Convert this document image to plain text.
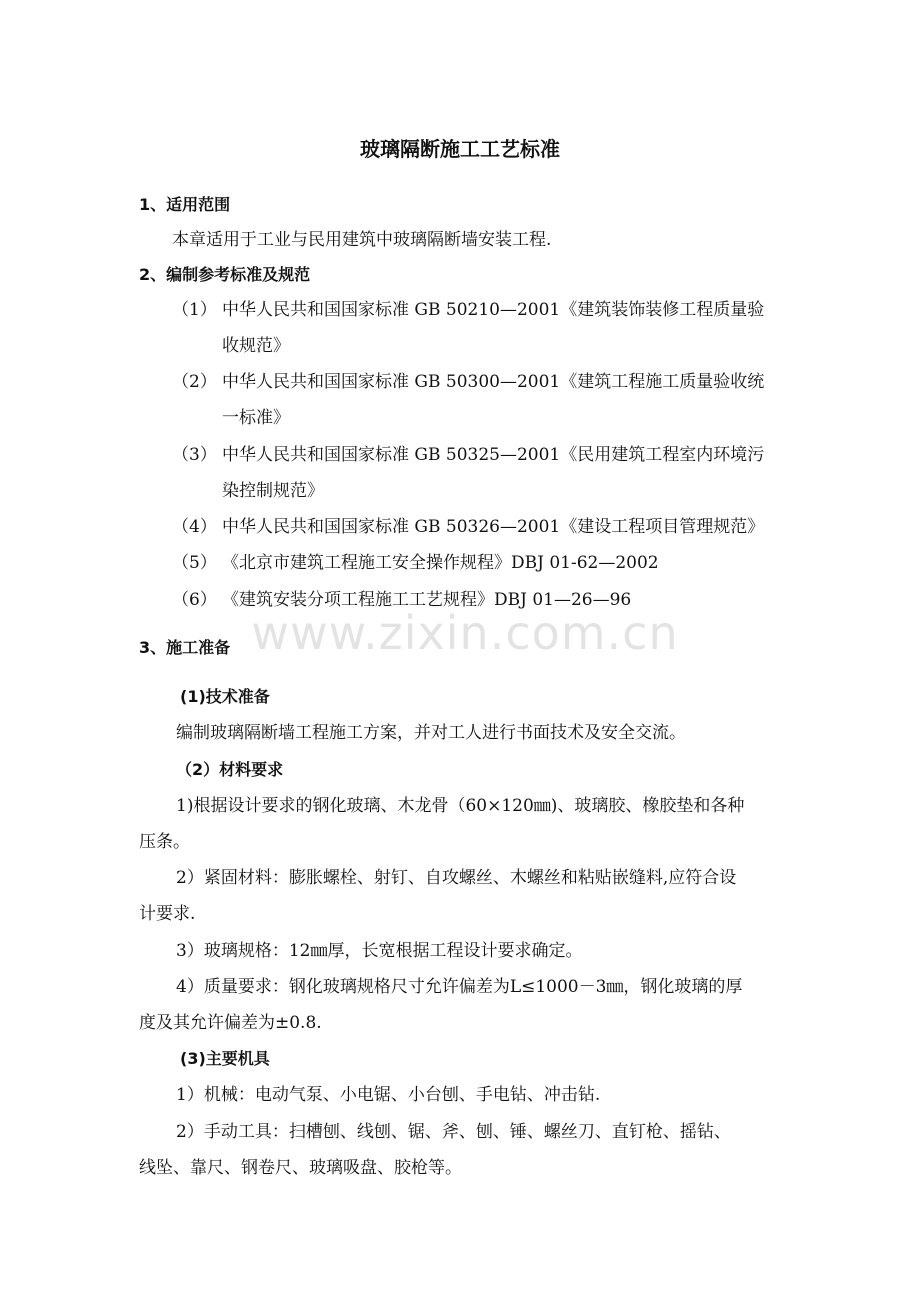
玻璃隔断施工工艺标准
1、适用范围
本章适用于工业与民用建筑中玻璃隔断墙安装工程.
2、编制参考标准及规范
（1） 中华人民共和国国家标准 GB 50210—2001《建筑装饰装修工程质量验
收规范》
（2） 中华人民共和国国家标准 GB 50300—2001《建筑工程施工质量验收统
一标准》
（3） 中华人民共和国国家标准 GB 50325—2001《民用建筑工程室内环境污
染控制规范》
（4） 中华人民共和国国家标准 GB 50326—2001《建设工程项目管理规范》
（5） 《北京市建筑工程施工安全操作规程》DBJ 01-62—2002
（6） 《建筑安装分项工程施工工艺规程》DBJ 01—26—96
www.zixin.com.cn
3、施工准备
(1)技术准备
编制玻璃隔断墙工程施工方案，并对工人进行书面技术及安全交流。
（2）材料要求
1)根据设计要求的钢化玻璃、木龙骨（60×120㎜)、玻璃胶、橡胶垫和各种
压条。
2）紧固材料：膨胀螺栓、射钉、自攻螺丝、木螺丝和粘贴嵌缝料,应符合设
计要求.
3）玻璃规格：12㎜厚，长宽根据工程设计要求确定。
4）质量要求：钢化玻璃规格尺寸允许偏差为L≤1000－3㎜，钢化玻璃的厚
度及其允许偏差为±0.8.
(3)主要机具
1）机械：电动气泵、小电锯、小台刨、手电钻、冲击钻.
2）手动工具：扫槽刨、线刨、锯、斧、刨、锤、螺丝刀、直钉枪、摇钻、
线坠、靠尺、钢卷尺、玻璃吸盘、胶枪等。
